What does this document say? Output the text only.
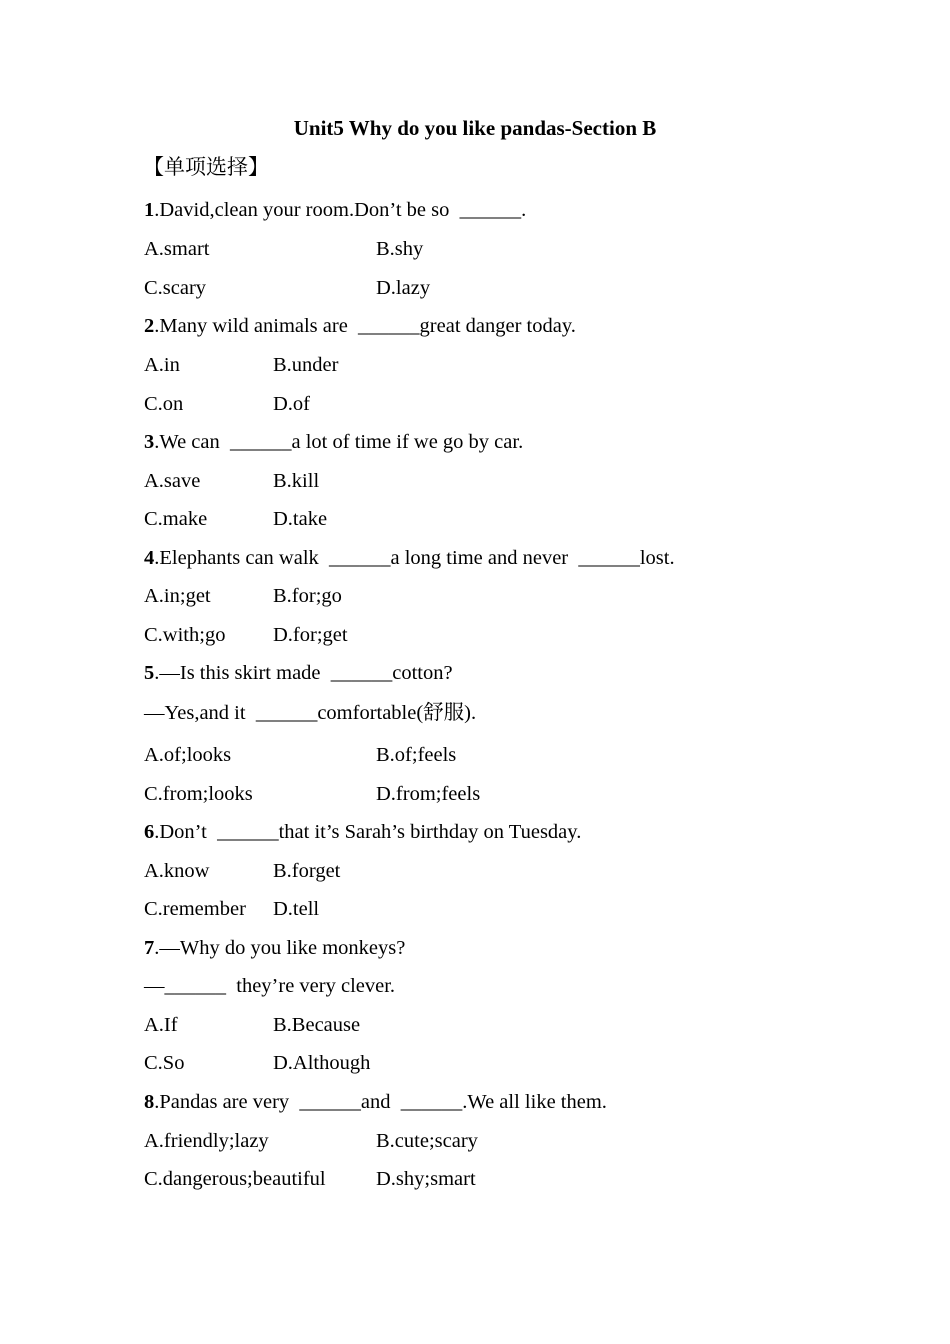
Unit5 Why do you like pandas-Section B
【单项选择】
1.David,clean your room.Don’t be so  ______.
A.smart	B.shy
C.scary	D.lazy
2.Many wild animals are  ______great danger today.
A.in	B.under
C.on	D.of
3.We can  ______a lot of time if we go by car.
A.save	B.kill
C.make	D.take
4.Elephants can walk  ______a long time and never  ______lost.
A.in;get	B.for;go
C.with;go D.for;get
5.—Is this skirt made  ______cotton?
—Yes,and it  ______comfortable(舒服).
A.of;looks	B.of;feels
C.from;looks	D.from;feels
6.Don’t  ______that it’s Sarah’s birthday on Tuesday.
A.know	B.forget
C.remember D.tell
7.—Why do you like monkeys?
—______  they’re very clever.
A.If	B.Because
C.So	D.Although
8.Pandas are very  ______and  ______.We all like them.
A.friendly;lazy	B.cute;scary
C.dangerous;beautiful D.shy;smart
